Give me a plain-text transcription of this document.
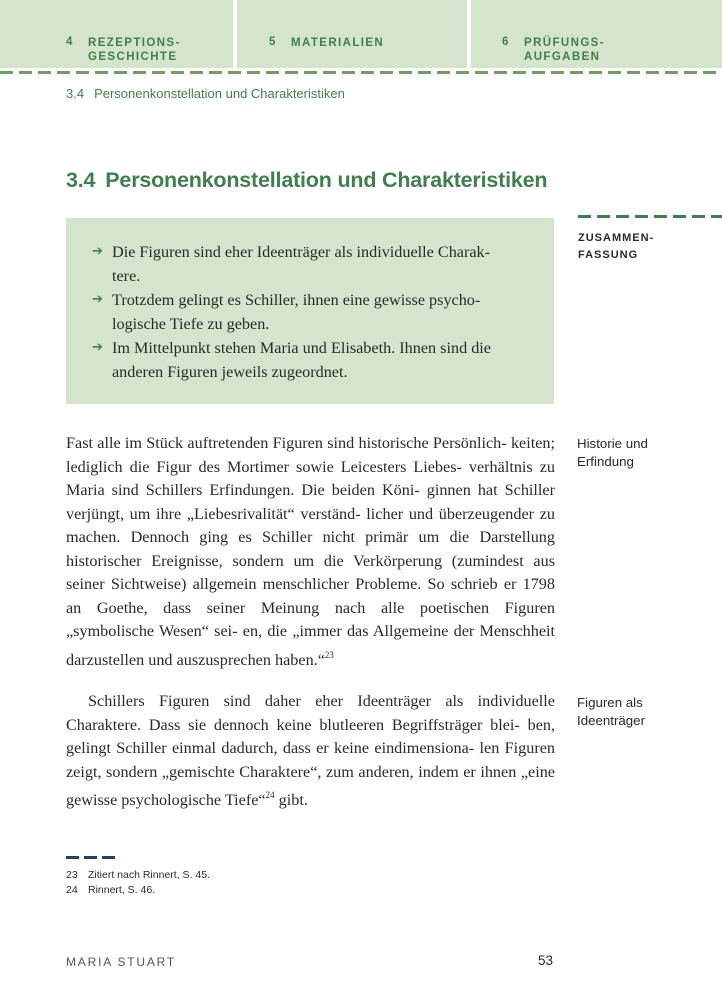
4 REZEPTIONS-
GESCHICHTE
5 MATERIALIEN	6 PRÜFUNGS-
AUFGABEN
3.4 Personenkonstellation und Charakteristiken
3.4 Personenkonstellation und Charakteristiken
➔ Die Figuren sind eher Ideenträger als individuelle Charak-
tere.
➔ Trotzdem gelingt es Schiller, ihnen eine gewisse psycho-
logische Tiefe zu geben.
➔ Im Mittelpunkt stehen Maria und Elisabeth. Ihnen sind die
anderen Figuren jeweils zugeordnet.
ZUSAMMEN-
FASSUNG
Historie und
Erfindung
Figuren als
Ideenträger
Fast alle im Stück auftretenden Figuren sind historische Persönlich- keiten; lediglich die Figur des Mortimer sowie Leicesters Liebes- verhältnis zu Maria sind Schillers Erfindungen. Die beiden Köni- ginnen hat Schiller verjüngt, um ihre „Liebesrivalität“ verständ- licher und überzeugender zu machen. Dennoch ging es Schiller nicht primär um die Darstellung historischer Ereignisse, sondern um die Verkörperung (zumindest aus seiner Sichtweise) allgemein menschlicher Probleme. So schrieb er 1798 an Goethe, dass seiner Meinung nach alle poetischen Figuren „symbolische Wesen“ sei- en, die „immer das Allgemeine der Menschheit darzustellen und auszusprechen haben.“$^{23}$
Schillers Figuren sind daher eher Ideenträger als individuelle Charaktere. Dass sie dennoch keine blutleeren Begriffsträger blei- ben, gelingt Schiller einmal dadurch, dass er keine eindimensiona- len Figuren zeigt, sondern „gemischte Charaktere“, zum anderen, indem er ihnen „eine gewisse psychologische Tiefe“$^{24}$ gibt.
23 Zitiert nach Rinnert, S. 45.
24 Rinnert, S. 46.
MARIA STUART	53
